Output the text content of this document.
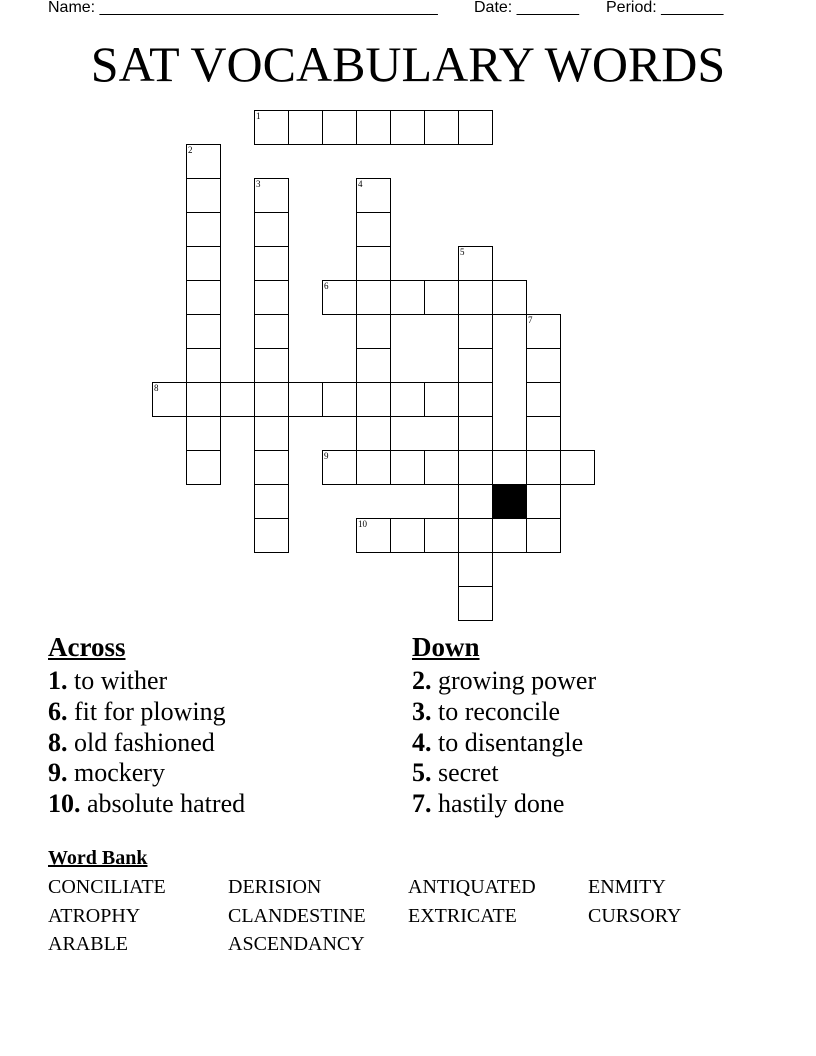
Name: ______________________________________ Date: _______ Period: _______
SAT VOCABULARY WORDS
1
6
8
9
10
2
3	4
5
7
Across
1. to wither
6. fit for plowing
8. old fashioned
9. mockery
10. absolute hatred
Down
2. growing power
3. to reconcile
4. to disentangle
5. secret
7. hastily done
Word Bank
CONCILIATE	DERISION	ANTIQUATED	ENMITY
ATROPHY	CLANDESTINE	EXTRICATE	CURSORY
ARABLE	ASCENDANCY
